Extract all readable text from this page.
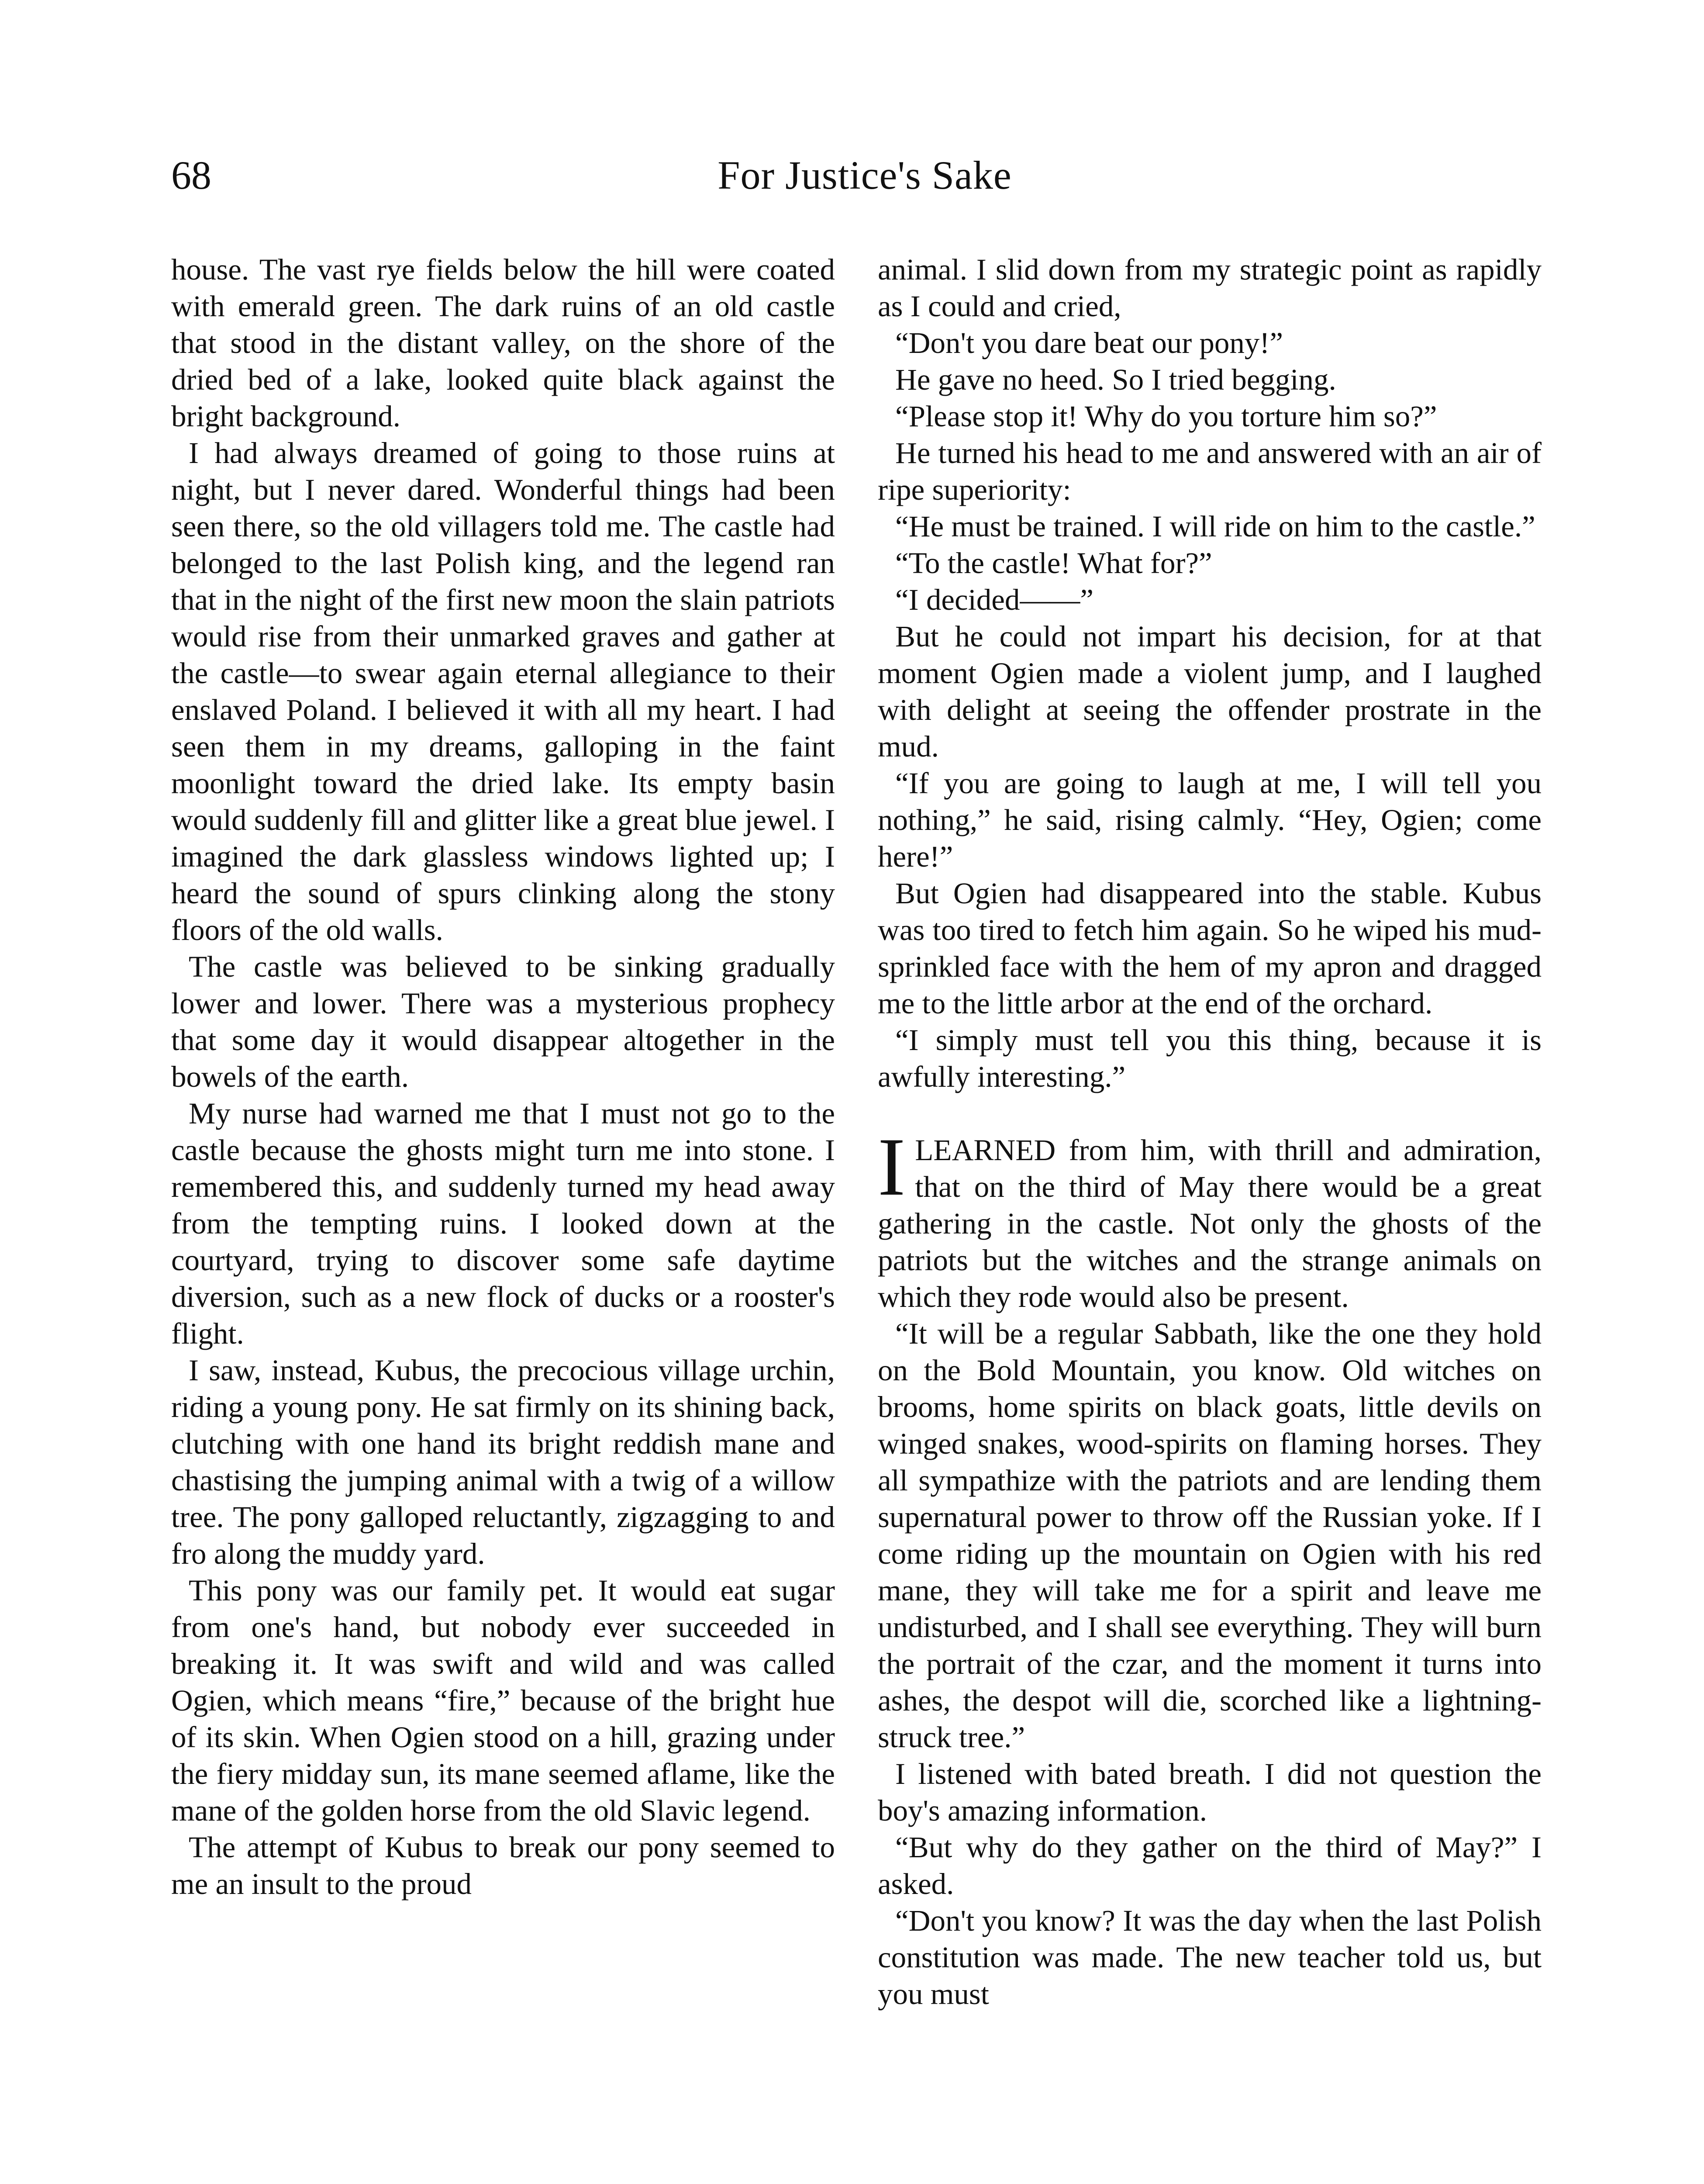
68	For Justice's Sake

house. The vast rye fields below the hill were coated with emerald green. The dark ruins of an old castle that stood in the distant valley, on the shore of the dried bed of a lake, looked quite black against the bright background.

I had always dreamed of going to those ruins at night, but I never dared. Wonderful things had been seen there, so the old villagers told me. The castle had belonged to the last Polish king, and the legend ran that in the night of the first new moon the slain patriots would rise from their unmarked graves and gather at the castle—to swear again eternal allegiance to their enslaved Poland. I believed it with all my heart. I had seen them in my dreams, galloping in the faint moonlight toward the dried lake. Its empty basin would suddenly fill and glitter like a great blue jewel. I imagined the dark glassless windows lighted up; I heard the sound of spurs clinking along the stony floors of the old walls.

The castle was believed to be sinking gradually lower and lower. There was a mysterious prophecy that some day it would disappear altogether in the bowels of the earth.

My nurse had warned me that I must not go to the castle because the ghosts might turn me into stone. I remembered this, and suddenly turned my head away from the tempting ruins. I looked down at the courtyard, trying to discover some safe daytime diversion, such as a new flock of ducks or a rooster's flight.

I saw, instead, Kubus, the precocious village urchin, riding a young pony. He sat firmly on its shining back, clutching with one hand its bright reddish mane and chastising the jumping animal with a twig of a willow tree. The pony galloped reluctantly, zigzagging to and fro along the muddy yard.

This pony was our family pet. It would eat sugar from one's hand, but nobody ever succeeded in breaking it. It was swift and wild and was called Ogien, which means “fire,” because of the bright hue of its skin. When Ogien stood on a hill, grazing under the fiery midday sun, its mane seemed aflame, like the mane of the golden horse from the old Slavic legend.

The attempt of Kubus to break our pony seemed to me an insult to the proud

animal. I slid down from my strategic point as rapidly as I could and cried,

“Don't you dare beat our pony!”

He gave no heed. So I tried begging.

“Please stop it! Why do you torture him so?”

He turned his head to me and answered with an air of ripe superiority:

“He must be trained. I will ride on him to the castle.”

“To the castle! What for?”

“I decided——”

But he could not impart his decision, for at that moment Ogien made a violent jump, and I laughed with delight at seeing the offender prostrate in the mud.

“If you are going to laugh at me, I will tell you nothing,” he said, rising calmly. “Hey, Ogien; come here!”

But Ogien had disappeared into the stable. Kubus was too tired to fetch him again. So he wiped his mud-sprinkled face with the hem of my apron and dragged me to the little arbor at the end of the orchard.

“I simply must tell you this thing, because it is awfully interesting.”

ILEARNED from him, with thrill and admiration, that on the third of May there would be a great gathering in the castle. Not only the ghosts of the patriots but the witches and the strange animals on which they rode would also be present.

“It will be a regular Sabbath, like the one they hold on the Bold Mountain, you know. Old witches on brooms, home spirits on black goats, little devils on winged snakes, wood-spirits on flaming horses. They all sympathize with the patriots and are lending them supernatural power to throw off the Russian yoke. If I come riding up the mountain on Ogien with his red mane, they will take me for a spirit and leave me undisturbed, and I shall see everything. They will burn the portrait of the czar, and the moment it turns into ashes, the despot will die, scorched like a lightning-struck tree.”

I listened with bated breath. I did not question the boy's amazing information.

“But why do they gather on the third of May?” I asked.

“Don't you know? It was the day when the last Polish constitution was made. The new teacher told us, but you must
